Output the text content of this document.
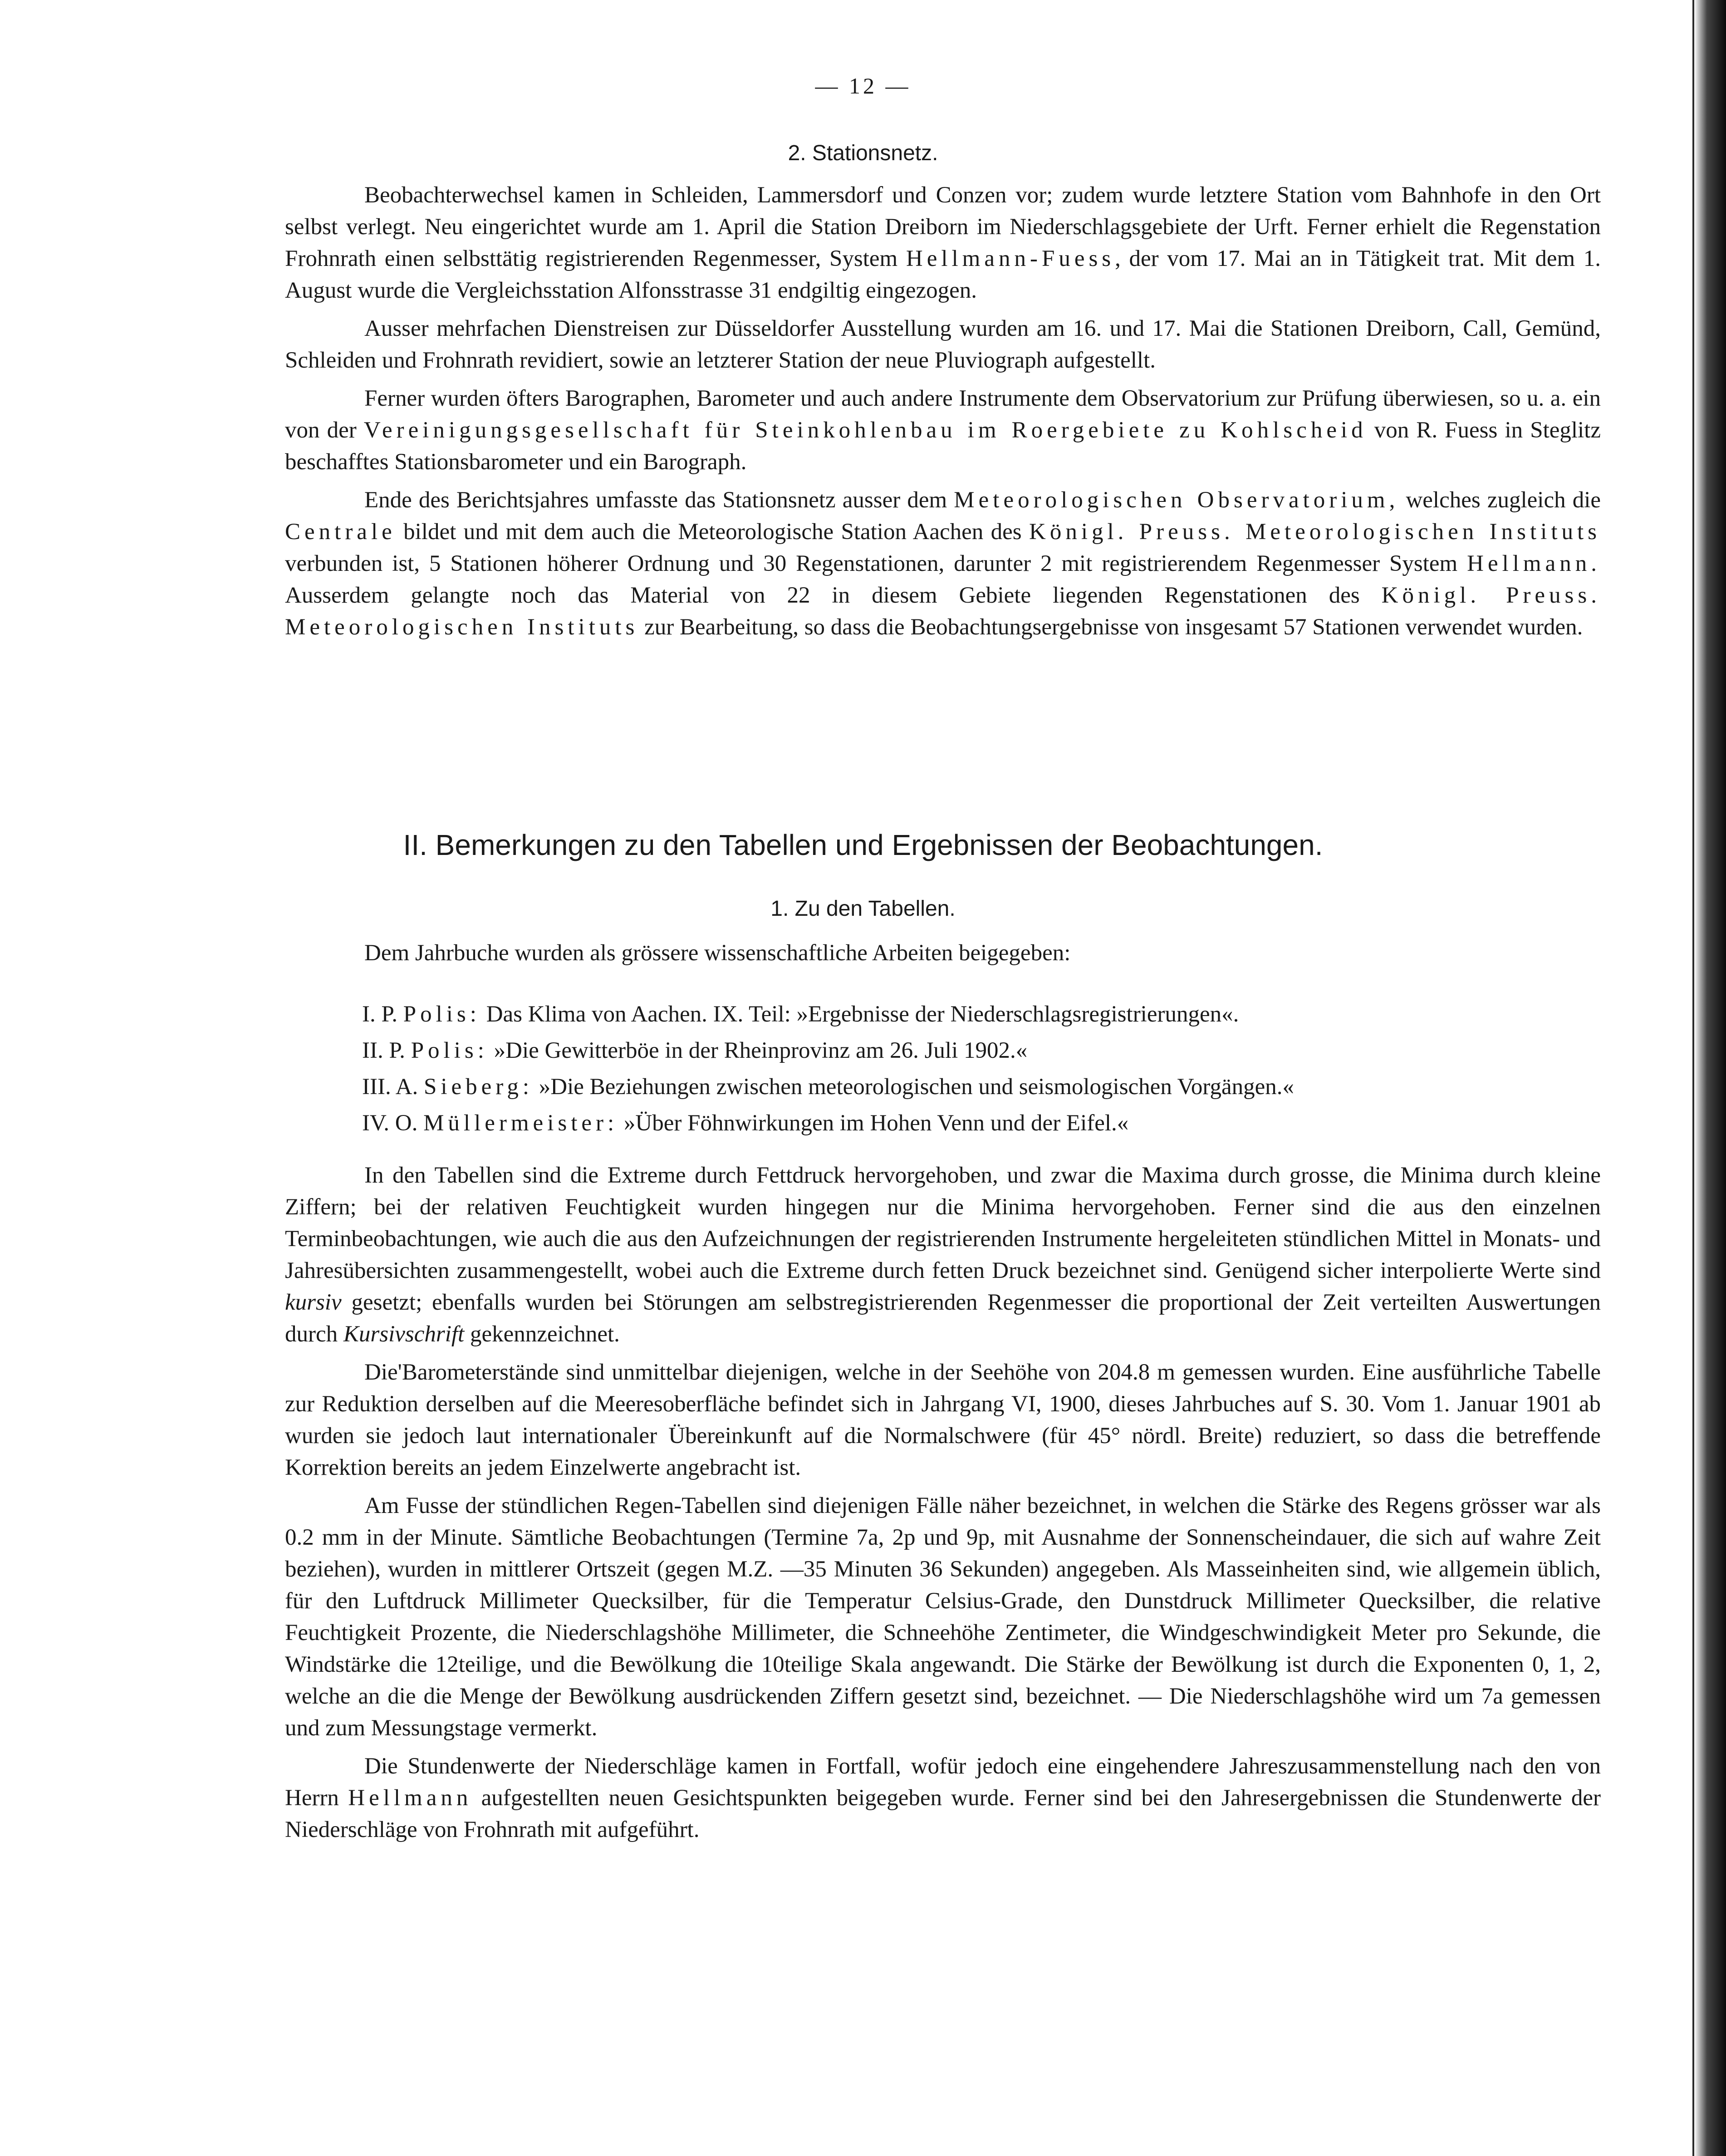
— 12 —
2. Stationsnetz.

Beobachterwechsel kamen in Schleiden, Lammersdorf und Conzen vor; zudem wurde letztere Station vom Bahnhofe in den Ort selbst verlegt. Neu eingerichtet wurde am 1. April die Station Dreiborn im Niederschlagsgebiete der Urft. Ferner erhielt die Regenstation Frohnrath einen selbsttätig registrierenden Regenmesser, System Hellmann-Fuess, der vom 17. Mai an in Tätigkeit trat. Mit dem 1. August wurde die Vergleichsstation Alfonsstrasse 31 endgiltig eingezogen.

Ausser mehrfachen Dienstreisen zur Düsseldorfer Ausstellung wurden am 16. und 17. Mai die Stationen Dreiborn, Call, Gemünd, Schleiden und Frohnrath revidiert, sowie an letzterer Station der neue Pluviograph aufgestellt.

Ferner wurden öfters Barographen, Barometer und auch andere Instrumente dem Observatorium zur Prüfung überwiesen, so u. a. ein von der Vereinigungsgesellschaft für Steinkohlenbau im Roergebiete zu Kohlscheid von R. Fuess in Steglitz beschafftes Stationsbarometer und ein Barograph.

Ende des Berichtsjahres umfasste das Stationsnetz ausser dem Meteorologischen Observatorium, welches zugleich die Centrale bildet und mit dem auch die Meteorologische Station Aachen des Königl. Preuss. Meteorologischen Instituts verbunden ist, 5 Stationen höherer Ordnung und 30 Regenstationen, darunter 2 mit registrierendem Regenmesser System Hellmann. Ausserdem gelangte noch das Material von 22 in diesem Gebiete liegenden Regenstationen des Königl. Preuss. Meteorologischen Instituts zur Bearbeitung, so dass die Beobachtungsergebnisse von insgesamt 57 Stationen verwendet wurden.

II. Bemerkungen zu den Tabellen und Ergebnissen der Beobachtungen.
1. Zu den Tabellen.

Dem Jahrbuche wurden als grössere wissenschaftliche Arbeiten beigegeben:

I. P. Polis: Das Klima von Aachen. IX. Teil: »Ergebnisse der Niederschlagsregistrierungen«.
II. P. Polis: »Die Gewitterböe in der Rheinprovinz am 26. Juli 1902.«
III. A. Sieberg: »Die Beziehungen zwischen meteorologischen und seismologischen Vorgängen.«
IV. O. Müllermeister: »Über Föhnwirkungen im Hohen Venn und der Eifel.«

In den Tabellen sind die Extreme durch Fettdruck hervorgehoben, und zwar die Maxima durch grosse, die Minima durch kleine Ziffern; bei der relativen Feuchtigkeit wurden hingegen nur die Minima hervorgehoben. Ferner sind die aus den einzelnen Terminbeobachtungen, wie auch die aus den Aufzeichnungen der registrierenden Instrumente hergeleiteten stündlichen Mittel in Monats- und Jahresübersichten zusammengestellt, wobei auch die Extreme durch fetten Druck bezeichnet sind. Genügend sicher interpolierte Werte sind kursiv gesetzt; ebenfalls wurden bei Störungen am selbstregistrierenden Regenmesser die proportional der Zeit verteilten Auswertungen durch Kursivschrift gekennzeichnet.

Die'Barometerstände sind unmittelbar diejenigen, welche in der Seehöhe von 204.8 m gemessen wurden. Eine ausführliche Tabelle zur Reduktion derselben auf die Meeresoberfläche befindet sich in Jahrgang VI, 1900, dieses Jahrbuches auf S. 30. Vom 1. Januar 1901 ab wurden sie jedoch laut internationaler Übereinkunft auf die Normalschwere (für 45° nördl. Breite) reduziert, so dass die betreffende Korrektion bereits an jedem Einzelwerte angebracht ist.

Am Fusse der stündlichen Regen-Tabellen sind diejenigen Fälle näher bezeichnet, in welchen die Stärke des Regens grösser war als 0.2 mm in der Minute. Sämtliche Beobachtungen (Termine 7a, 2p und 9p, mit Ausnahme der Sonnenscheindauer, die sich auf wahre Zeit beziehen), wurden in mittlerer Ortszeit (gegen M.Z. —35 Minuten 36 Sekunden) angegeben. Als Masseinheiten sind, wie allgemein üblich, für den Luftdruck Millimeter Quecksilber, für die Temperatur Celsius-Grade, den Dunstdruck Millimeter Quecksilber, die relative Feuchtigkeit Prozente, die Niederschlagshöhe Millimeter, die Schneehöhe Zentimeter, die Windgeschwindigkeit Meter pro Sekunde, die Windstärke die 12teilige, und die Bewölkung die 10teilige Skala angewandt. Die Stärke der Bewölkung ist durch die Exponenten 0, 1, 2, welche an die die Menge der Bewölkung ausdrückenden Ziffern gesetzt sind, bezeichnet. — Die Niederschlagshöhe wird um 7a gemessen und zum Messungstage vermerkt.

Die Stundenwerte der Niederschläge kamen in Fortfall, wofür jedoch eine eingehendere Jahreszusammenstellung nach den von Herrn Hellmann aufgestellten neuen Gesichtspunkten beigegeben wurde. Ferner sind bei den Jahresergebnissen die Stundenwerte der Niederschläge von Frohnrath mit aufgeführt.
